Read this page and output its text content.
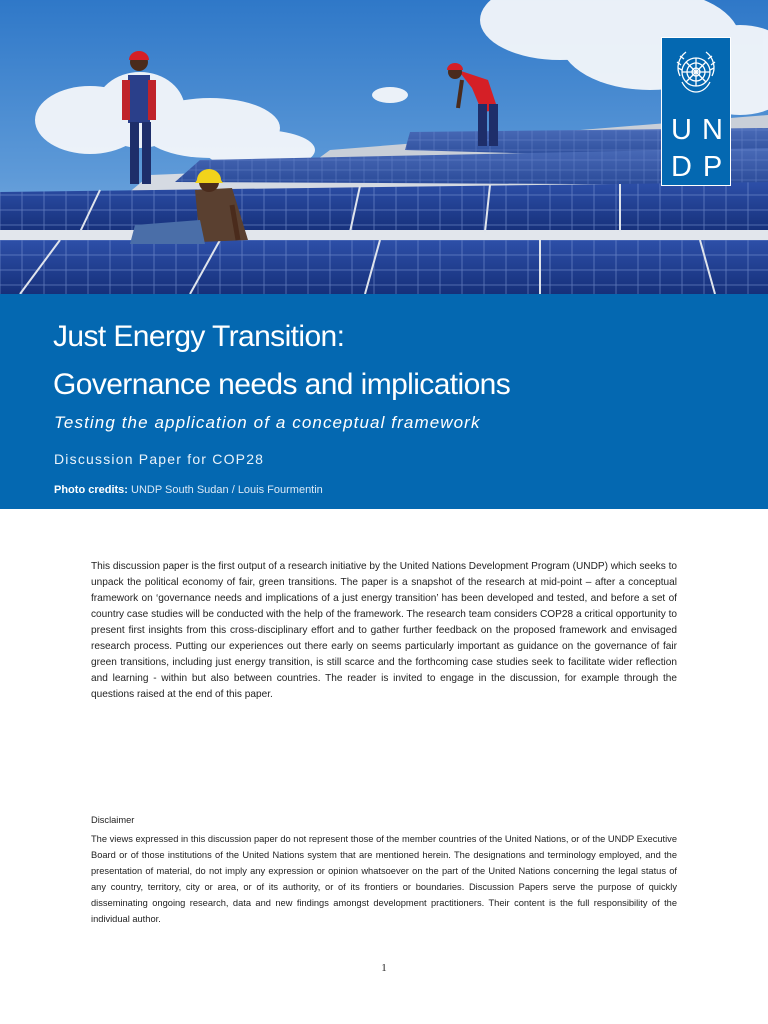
U N
D P
Just Energy Transition:
Governance needs and implications
Testing the application of a conceptual framework
Discussion Paper for COP28
Photo credits: UNDP South Sudan / Louis Fourmentin

This discussion paper is the first output of a research initiative by the United Nations Development Program (UNDP) which seeks to unpack the political economy of fair, green transitions. The paper is a snapshot of the research at mid-point – after a conceptual framework on ‘governance needs and implications of a just energy transition’ has been developed and tested, and before a set of country case studies will be conducted with the help of the framework. The research team considers COP28 a critical opportunity to present first insights from this cross-disciplinary effort and to gather further feedback on the proposed framework and envisaged research process. Putting our experiences out there early on seems particularly important as guidance on the governance of fair green transitions, including just energy transition, is still scarce and the forthcoming case studies seek to facilitate wider reflection and learning - within but also between countries. The reader is invited to engage in the discussion, for example through the questions raised at the end of this paper.

Disclaimer

The views expressed in this discussion paper do not represent those of the member countries of the United Nations, or of the UNDP Executive Board or of those institutions of the United Nations system that are mentioned herein. The designations and terminology employed, and the presentation of material, do not imply any expression or opinion whatsoever on the part of the United Nations concerning the legal status of any country, territory, city or area, or of its authority, or of its frontiers or boundaries. Discussion Papers serve the purpose of quickly disseminating ongoing research, data and new findings amongst development practitioners. Their content is the full responsibility of the individual author.

1
